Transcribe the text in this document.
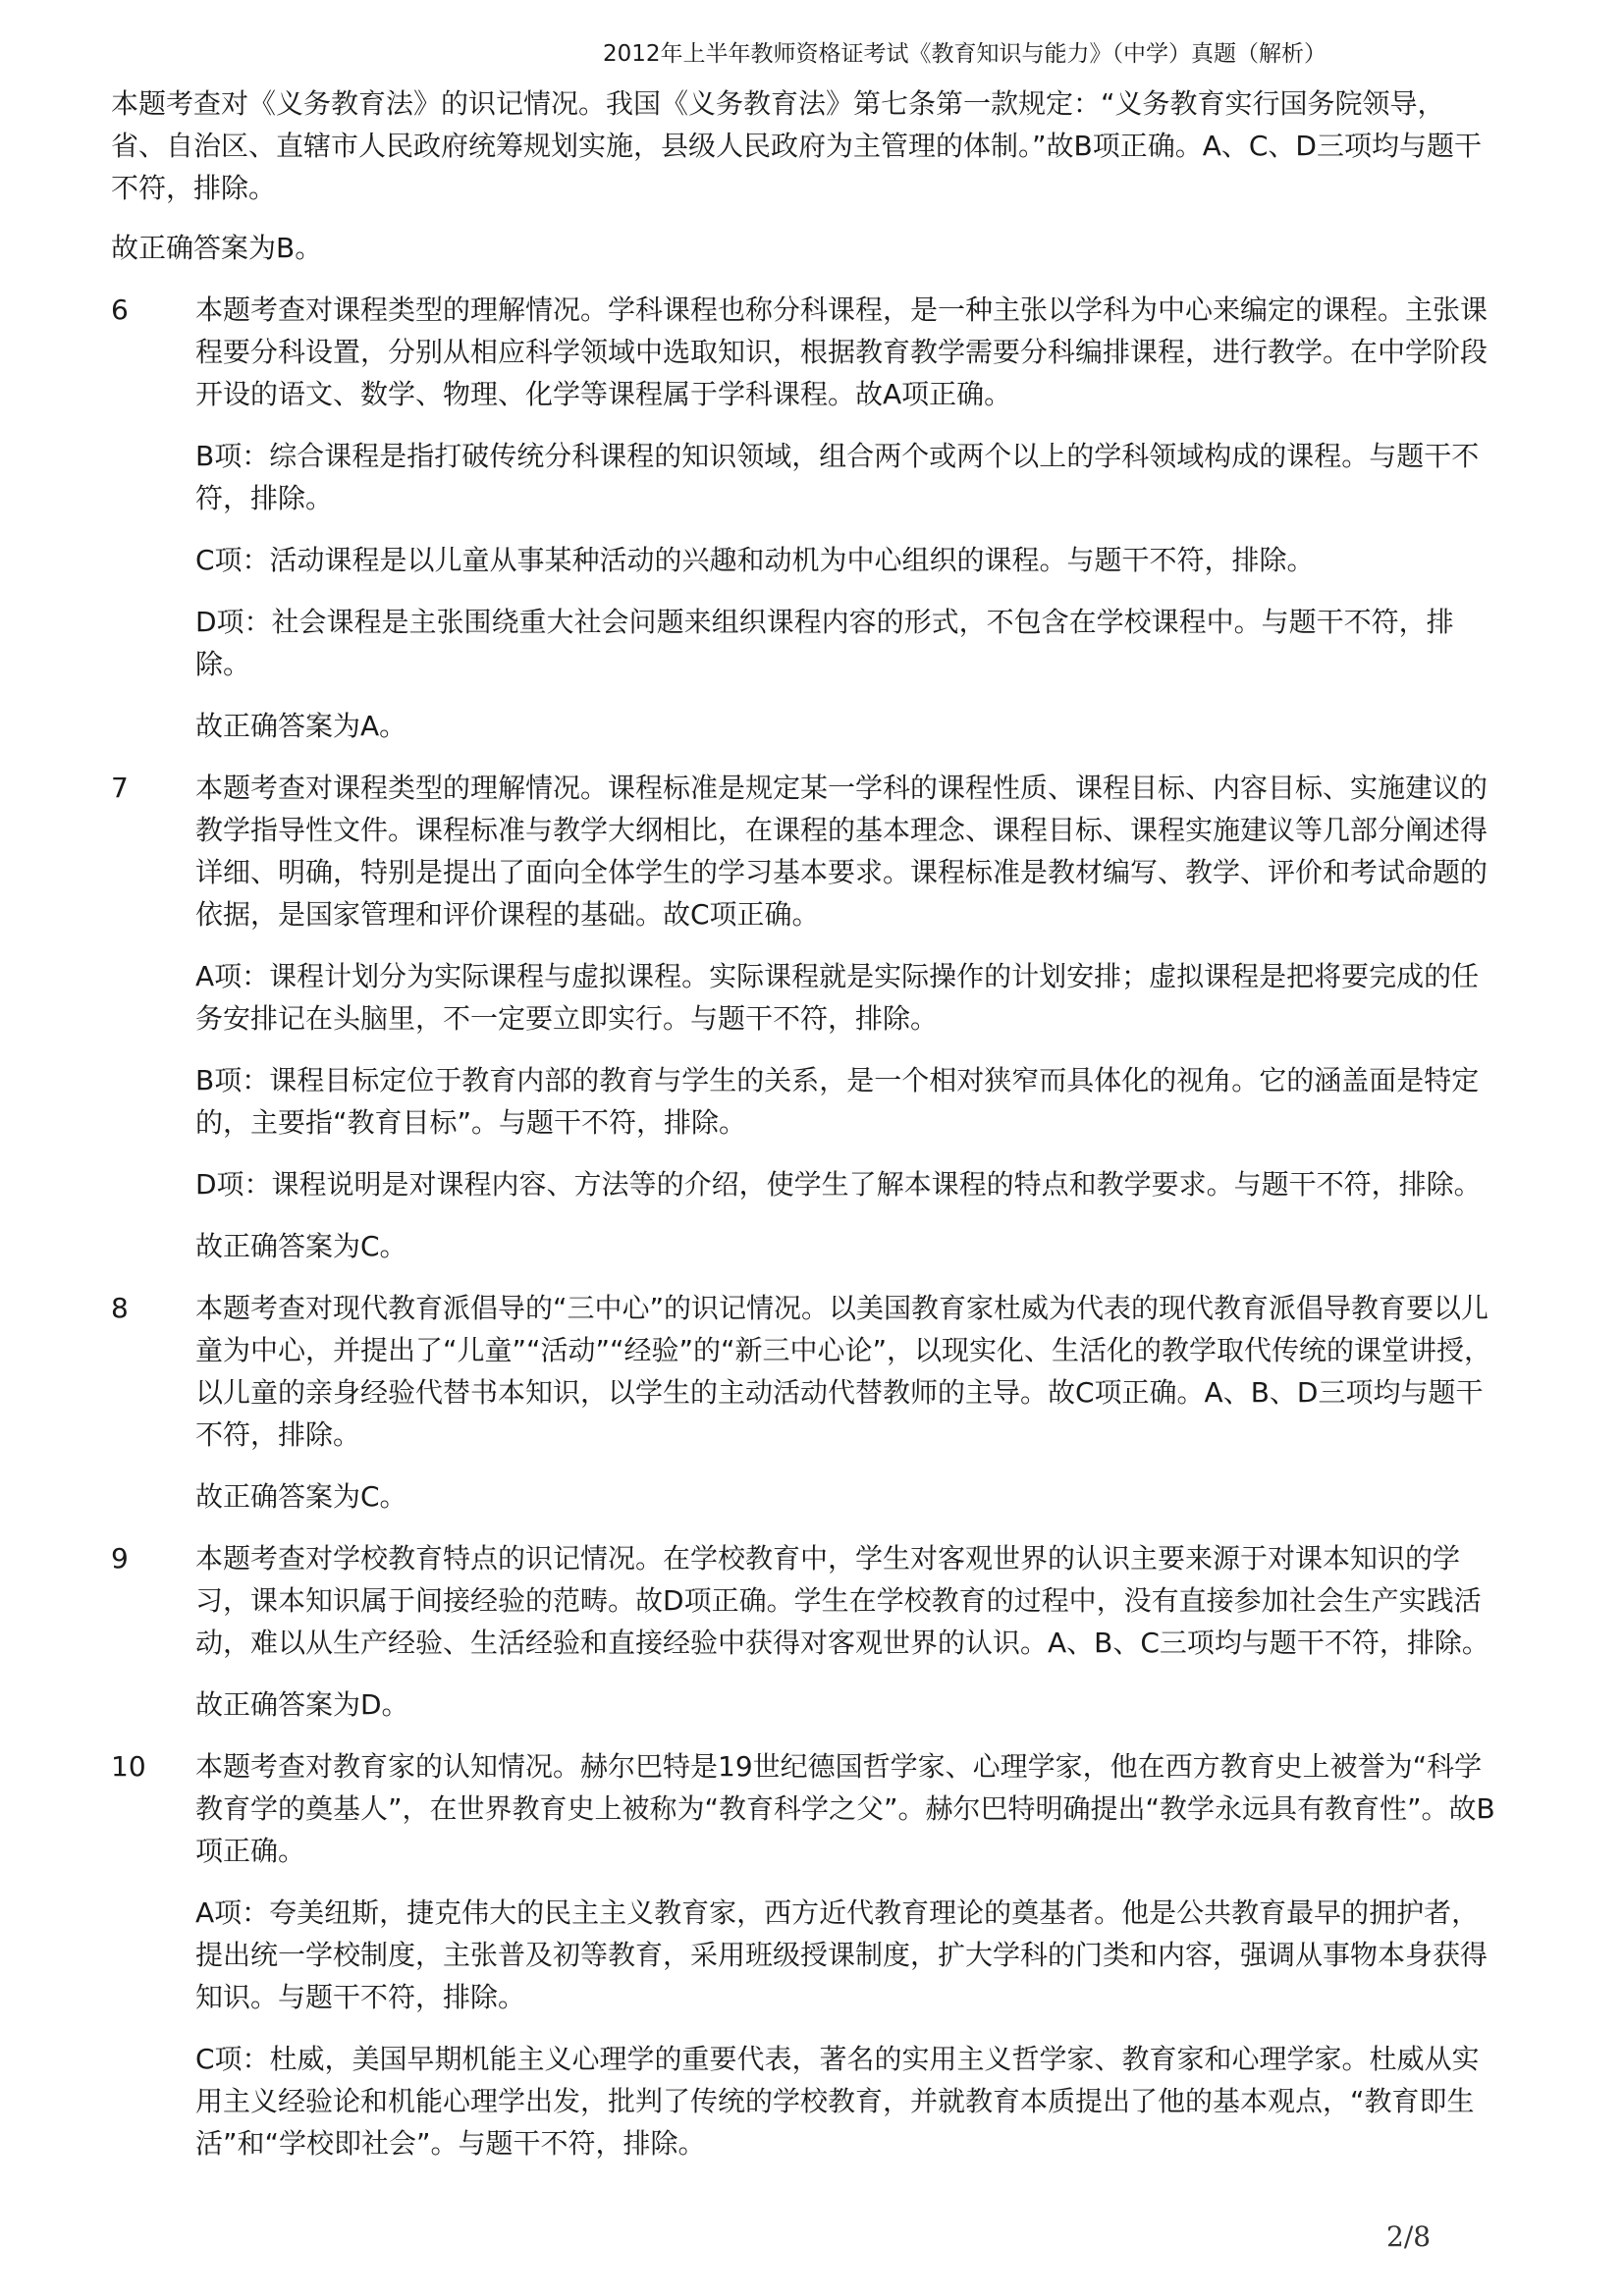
2012年上半年教师资格证考试《教育知识与能力》（中学）真题（解析）

本题考查对《义务教育法》的识记情况。我国《义务教育法》第七条第一款规定：“义务教育实行国务院领导，省、自治区、直辖市人民政府统筹规划实施，县级人民政府为主管理的体制。”故B项正确。A、C、D三项均与题干不符，排除。

故正确答案为B。

6	本题考查对课程类型的理解情况。学科课程也称分科课程，是一种主张以学科为中心来编定的课程。主张课程要分科设置，分别从相应科学领域中选取知识，根据教育教学需要分科编排课程，进行教学。在中学阶段开设的语文、数学、物理、化学等课程属于学科课程。故A项正确。

B项：综合课程是指打破传统分科课程的知识领域，组合两个或两个以上的学科领域构成的课程。与题干不符，排除。

C项：活动课程是以儿童从事某种活动的兴趣和动机为中心组织的课程。与题干不符，排除。

D项：社会课程是主张围绕重大社会问题来组织课程内容的形式，不包含在学校课程中。与题干不符，排除。

故正确答案为A。

7	本题考查对课程类型的理解情况。课程标准是规定某一学科的课程性质、课程目标、内容目标、实施建议的教学指导性文件。课程标准与教学大纲相比，在课程的基本理念、课程目标、课程实施建议等几部分阐述得详细、明确，特别是提出了面向全体学生的学习基本要求。课程标准是教材编写、教学、评价和考试命题的依据，是国家管理和评价课程的基础。故C项正确。

A项：课程计划分为实际课程与虚拟课程。实际课程就是实际操作的计划安排；虚拟课程是把将要完成的任务安排记在头脑里，不一定要立即实行。与题干不符，排除。

B项：课程目标定位于教育内部的教育与学生的关系，是一个相对狭窄而具体化的视角。它的涵盖面是特定的，主要指“教育目标”。与题干不符，排除。

D项：课程说明是对课程内容、方法等的介绍，使学生了解本课程的特点和教学要求。与题干不符，排除。

故正确答案为C。

8	本题考查对现代教育派倡导的“三中心”的识记情况。以美国教育家杜威为代表的现代教育派倡导教育要以儿童为中心，并提出了“儿童”“活动”“经验”的“新三中心论”，以现实化、生活化的教学取代传统的课堂讲授，以儿童的亲身经验代替书本知识，以学生的主动活动代替教师的主导。故C项正确。A、B、D三项均与题干不符，排除。

故正确答案为C。

9	本题考查对学校教育特点的识记情况。在学校教育中，学生对客观世界的认识主要来源于对课本知识的学习，课本知识属于间接经验的范畴。故D项正确。学生在学校教育的过程中，没有直接参加社会生产实践活动，难以从生产经验、生活经验和直接经验中获得对客观世界的认识。A、B、C三项均与题干不符，排除。

故正确答案为D。

10	本题考查对教育家的认知情况。赫尔巴特是19世纪德国哲学家、心理学家，他在西方教育史上被誉为“科学教育学的奠基人”，在世界教育史上被称为“教育科学之父”。赫尔巴特明确提出“教学永远具有教育性”。故B项正确。

A项：夸美纽斯，捷克伟大的民主主义教育家，西方近代教育理论的奠基者。他是公共教育最早的拥护者，提出统一学校制度，主张普及初等教育，采用班级授课制度，扩大学科的门类和内容，强调从事物本身获得知识。与题干不符，排除。

C项：杜威，美国早期机能主义心理学的重要代表，著名的实用主义哲学家、教育家和心理学家。杜威从实用主义经验论和机能心理学出发，批判了传统的学校教育，并就教育本质提出了他的基本观点，“教育即生活”和“学校即社会”。与题干不符，排除。

2/8
